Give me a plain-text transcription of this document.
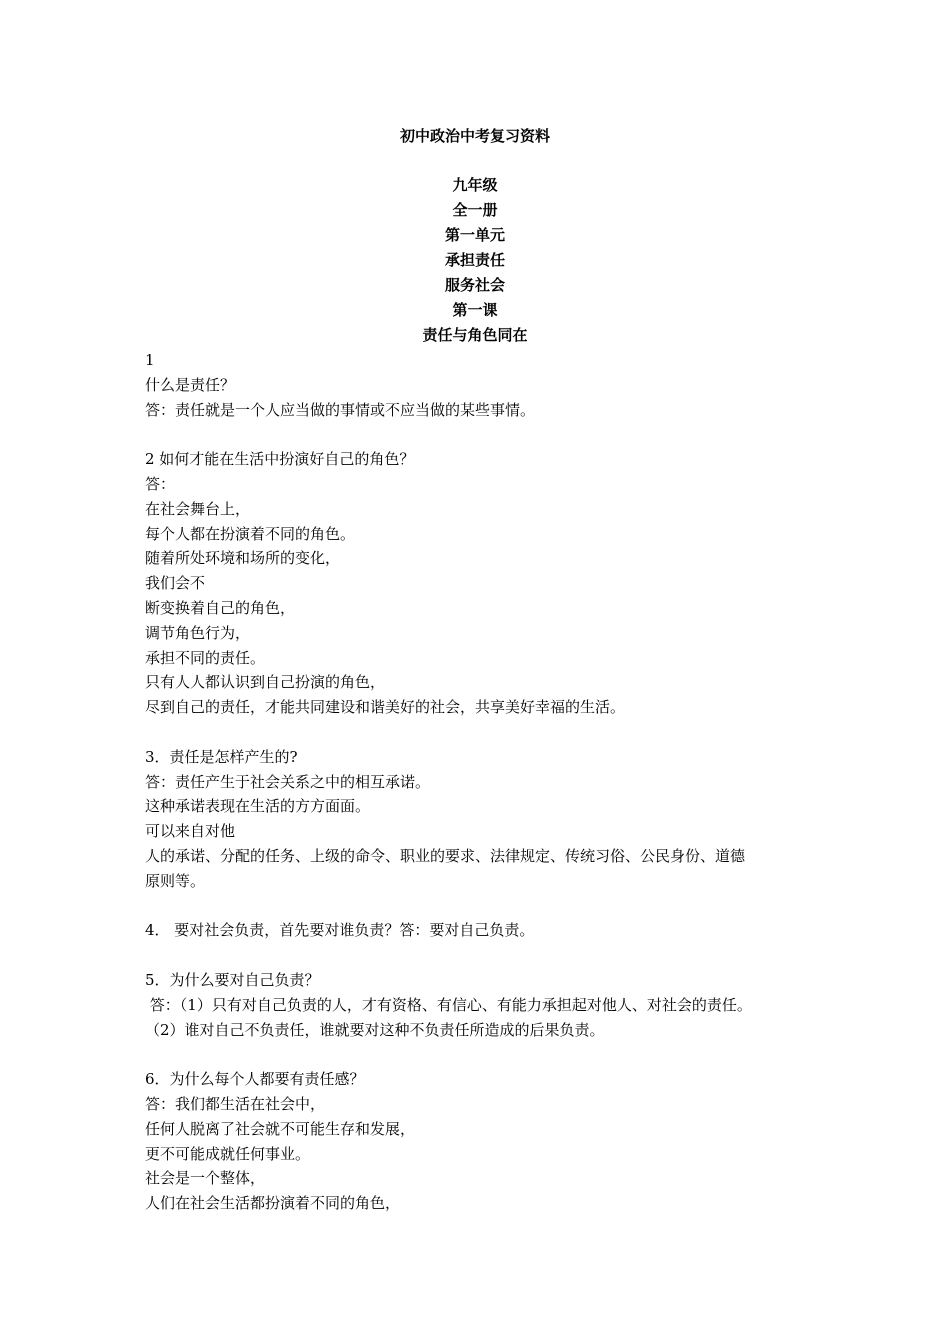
初中政治中考复习资料
九年级
全一册
第一单元
承担责任
服务社会
第一课
责任与角色同在
1
什么是责任？
答：责任就是一个人应当做的事情或不应当做的某些事情。
2 如何才能在生活中扮演好自己的角色？
答：
在社会舞台上，
每个人都在扮演着不同的角色。
随着所处环境和场所的变化，
我们会不
断变换着自己的角色，
调节角色行为，
承担不同的责任。
只有人人都认识到自己扮演的角色，
尽到自己的责任，才能共同建设和谐美好的社会，共享美好幸福的生活。
3．责任是怎样产生的?
答：责任产生于社会关系之中的相互承诺。
这种承诺表现在生活的方方面面。
可以来自对他
人的承诺、分配的任务、上级的命令、职业的要求、法律规定、传统习俗、公民身份、道德
原则等。
4． 要对社会负责，首先要对谁负责？答：要对自己负责。
5．为什么要对自己负责？
答：（1）只有对自己负责的人，才有资格、有信心、有能力承担起对他人、对社会的责任。
（2）谁对自己不负责任，谁就要对这种不负责任所造成的后果负责。
6．为什么每个人都要有责任感？
答：我们都生活在社会中，
任何人脱离了社会就不可能生存和发展，
更不可能成就任何事业。
社会是一个整体，
人们在社会生活都扮演着不同的角色，
